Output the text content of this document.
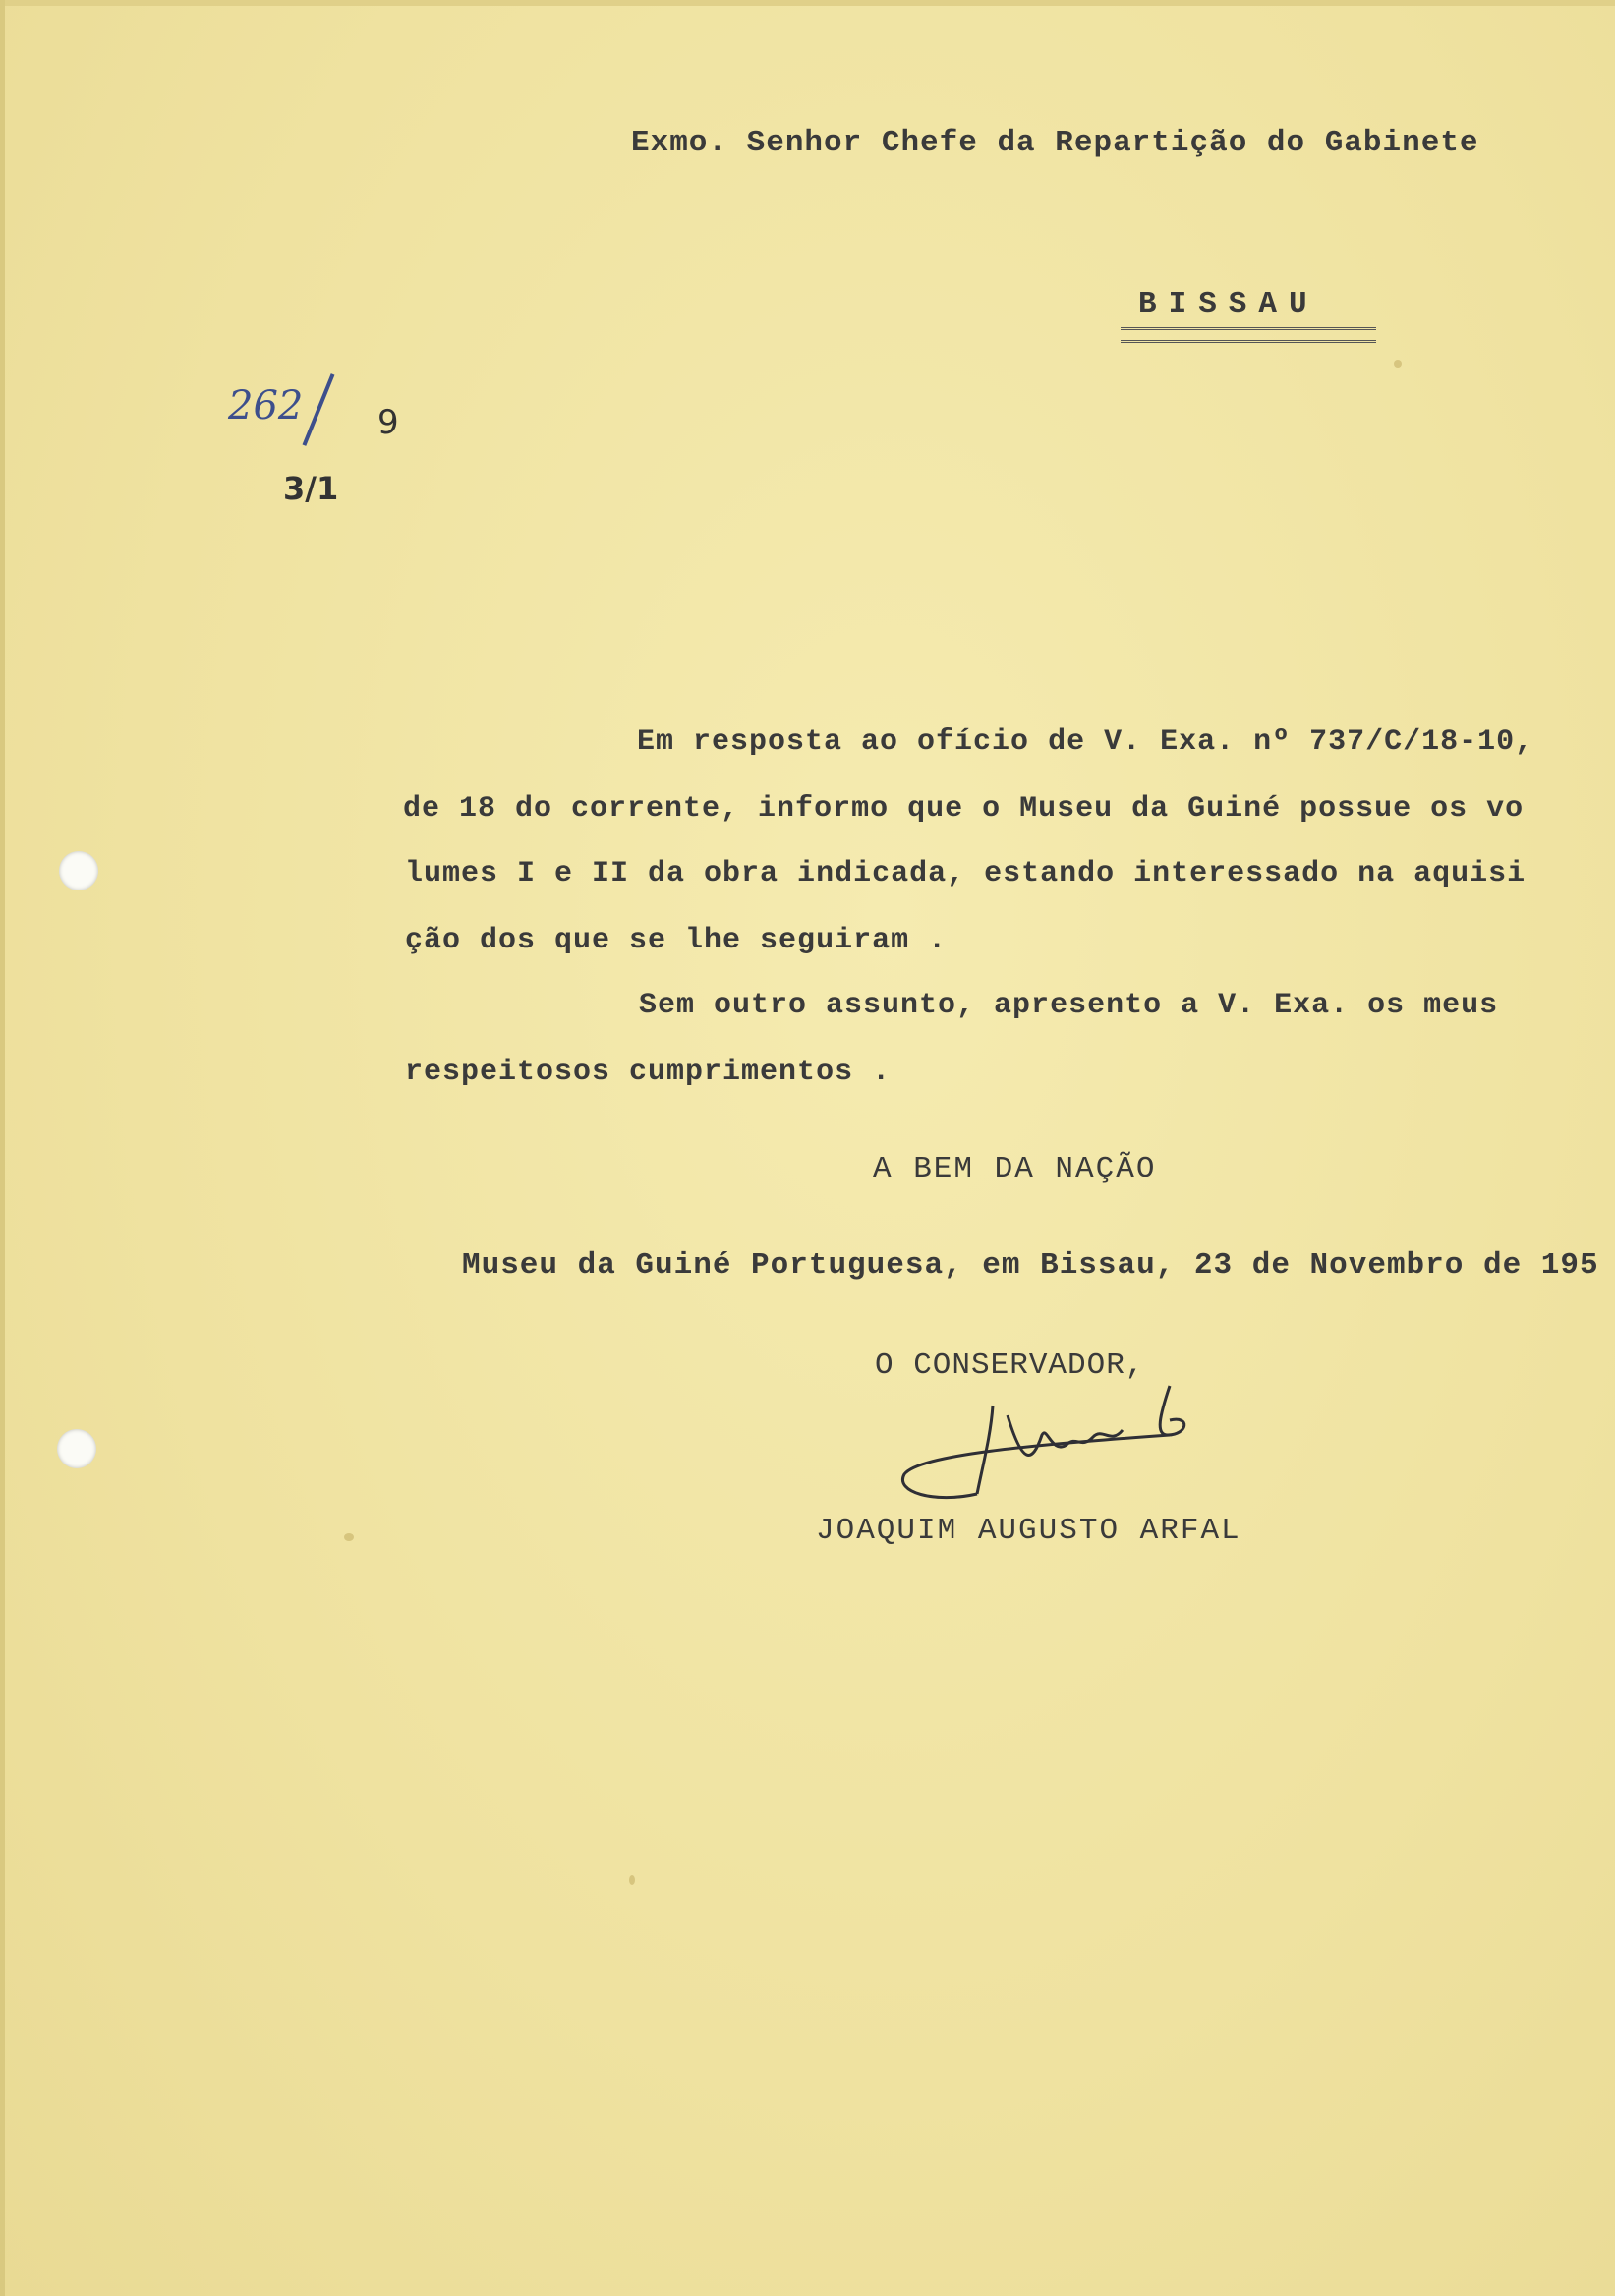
Exmo. Senhor Chefe da Repartição do Gabinete
BISSAU
262 9
3/1
Em resposta ao ofício de V. Exa. nº 737/C/18-10,
de 18 do corrente, informo que o Museu da Guiné possue os vo
lumes I e II da obra indicada, estando interessado na aquisi
ção dos que se lhe seguiram .
Sem outro assunto, apresento a V. Exa. os meus
respeitosos cumprimentos .
A BEM DA NAÇÃO
Museu da Guiné Portuguesa, em Bissau, 23 de Novembro de 195
O CONSERVADOR,
JOAQUIM AUGUSTO ARFAL
